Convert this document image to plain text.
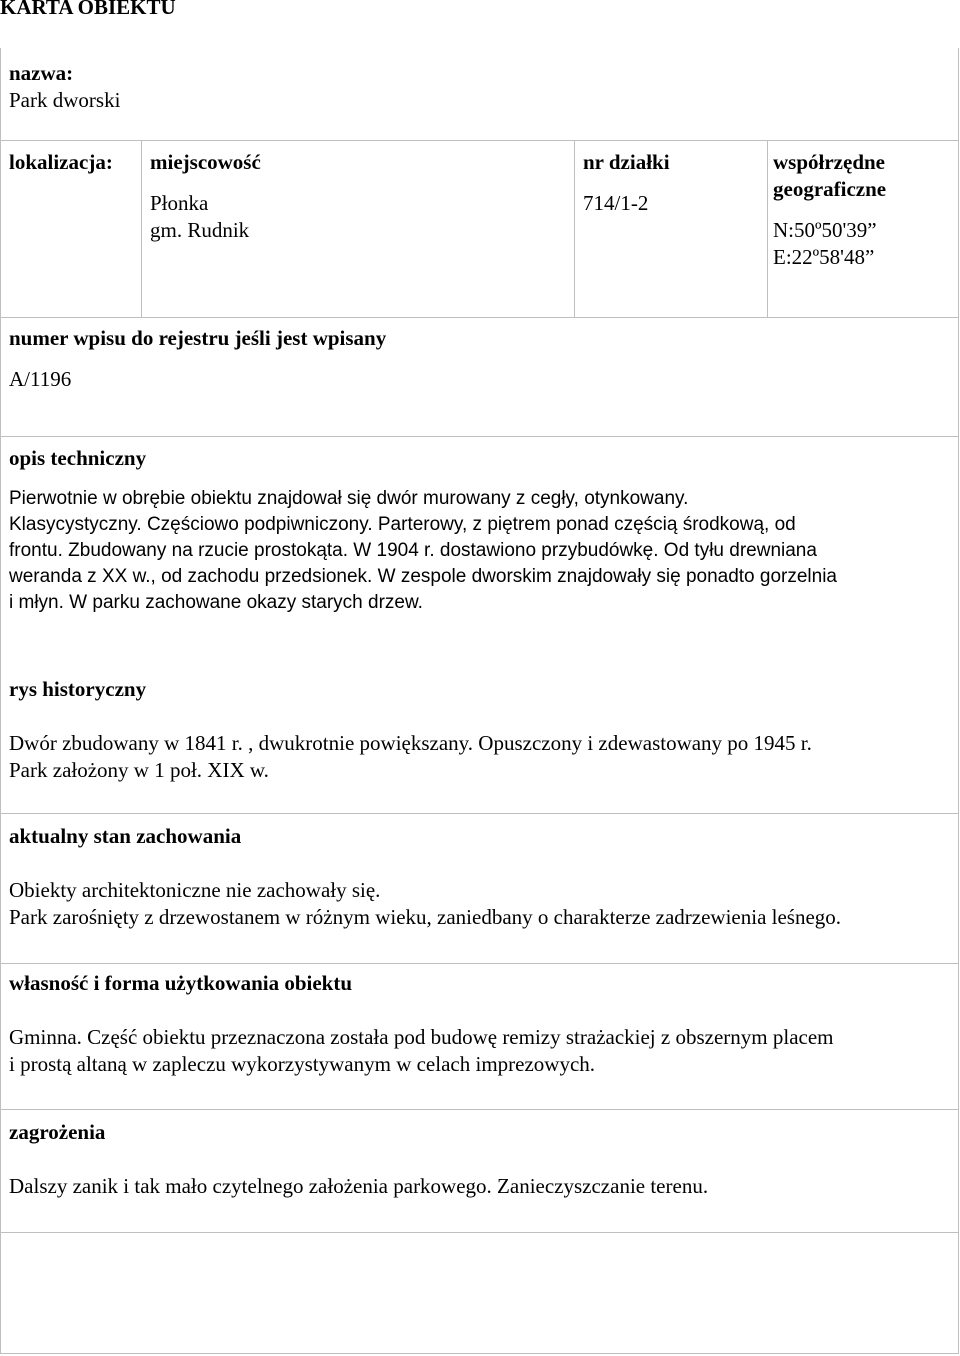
KARTA OBIEKTU
nazwa:
Park dworski
lokalizacja: miejscowość
Płonka
gm. Rudnik
nr działki
714/1-2
współrzędne
geograficzne
N:50º50'39”
E:22º58'48”
numer wpisu do rejestru jeśli jest wpisany
A/1196
opis techniczny
Pierwotnie w obrębie obiektu znajdował się dwór murowany z cegły, otynkowany.
Klasycystyczny. Częściowo podpiwniczony. Parterowy, z piętrem ponad częścią środkową, od
frontu. Zbudowany na rzucie prostokąta. W 1904 r. dostawiono przybudówkę. Od tyłu drewniana
weranda z XX w., od zachodu przedsionek. W zespole dworskim znajdowały się ponadto gorzelnia
i młyn. W parku zachowane okazy starych drzew.
rys historyczny
Dwór zbudowany w 1841 r. , dwukrotnie powiększany. Opuszczony i zdewastowany po 1945 r.
Park założony w 1 poł. XIX w.
aktualny stan zachowania
Obiekty architektoniczne nie zachowały się.
Park zarośnięty z drzewostanem w różnym wieku, zaniedbany o charakterze zadrzewienia leśnego.
własność i forma użytkowania obiektu
Gminna. Część obiektu przeznaczona została pod budowę remizy strażackiej z obszernym placem
i prostą altaną w zapleczu wykorzystywanym w celach imprezowych.
zagrożenia
Dalszy zanik i tak mało czytelnego założenia parkowego. Zanieczyszczanie terenu.
